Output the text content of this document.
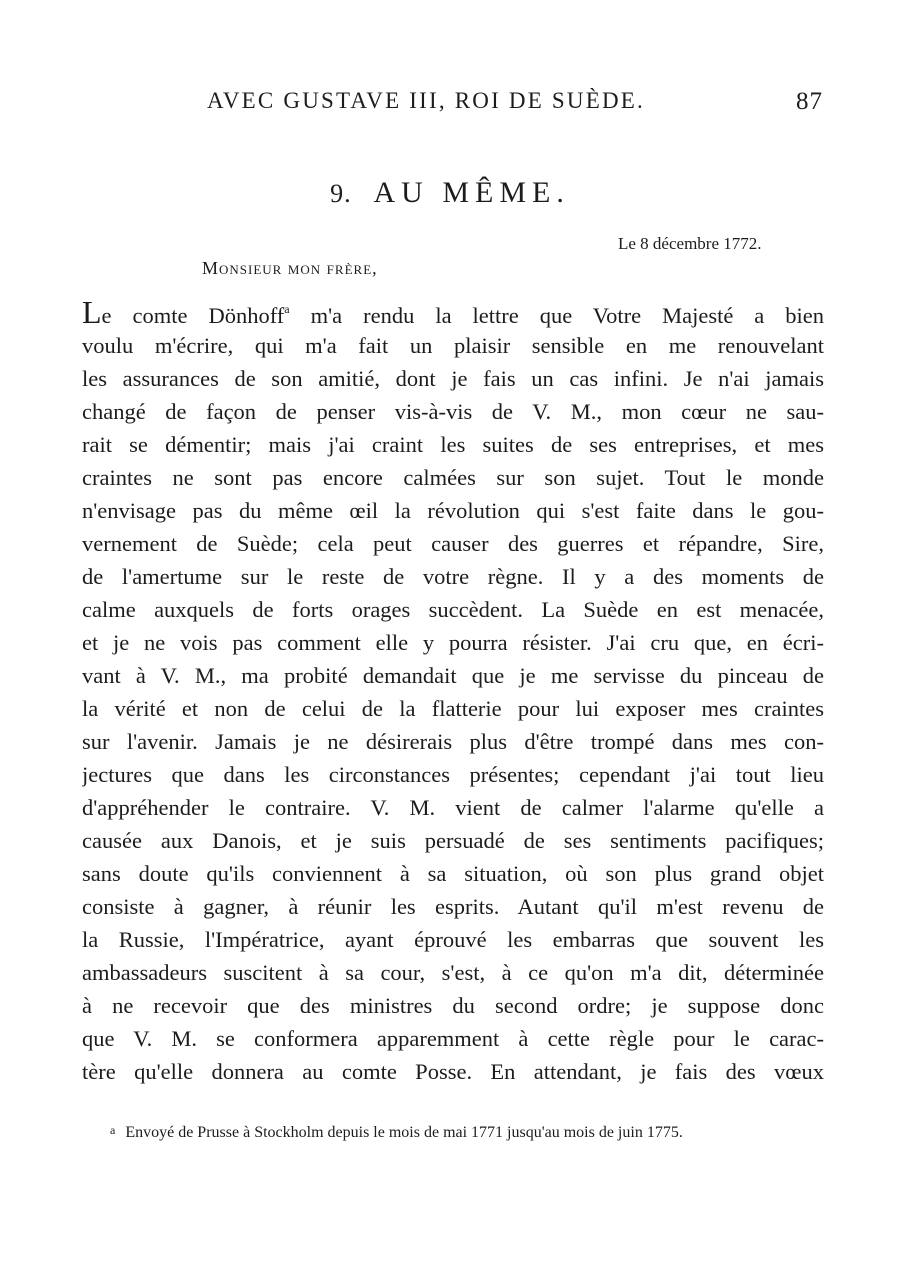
AVEC GUSTAVE III, ROI DE SUÈDE.	87
9. AU MÊME.
Le 8 décembre 1772.
Monsieur mon frère,
Le comte Dönhoff$^a$ m'a rendu la lettre que Votre Majesté a bien
voulu m'écrire, qui m'a fait un plaisir sensible en me renouvelant
les assurances de son amitié, dont je fais un cas infini. Je n'ai jamais
changé de façon de penser vis-à-vis de V. M., mon cœur ne sau-
rait se démentir; mais j'ai craint les suites de ses entreprises, et mes
craintes ne sont pas encore calmées sur son sujet. Tout le monde
n'envisage pas du même œil la révolution qui s'est faite dans le gou-
vernement de Suède; cela peut causer des guerres et répandre, Sire,
de l'amertume sur le reste de votre règne. Il y a des moments de
calme auxquels de forts orages succèdent. La Suède en est menacée,
et je ne vois pas comment elle y pourra résister. J'ai cru que, en écri-
vant à V. M., ma probité demandait que je me servisse du pinceau de
la vérité et non de celui de la flatterie pour lui exposer mes craintes
sur l'avenir. Jamais je ne désirerais plus d'être trompé dans mes con-
jectures que dans les circonstances présentes; cependant j'ai tout lieu
d'appréhender le contraire. V. M. vient de calmer l'alarme qu'elle a
causée aux Danois, et je suis persuadé de ses sentiments pacifiques;
sans doute qu'ils conviennent à sa situation, où son plus grand objet
consiste à gagner, à réunir les esprits. Autant qu'il m'est revenu de
la Russie, l'Impératrice, ayant éprouvé les embarras que souvent les
ambassadeurs suscitent à sa cour, s'est, à ce qu'on m'a dit, déterminée
à ne recevoir que des ministres du second ordre; je suppose donc
que V. M. se conformera apparemment à cette règle pour le carac-
tère qu'elle donnera au comte Posse. En attendant, je fais des vœux
a Envoyé de Prusse à Stockholm depuis le mois de mai 1771 jusqu'au mois de juin 1775.
